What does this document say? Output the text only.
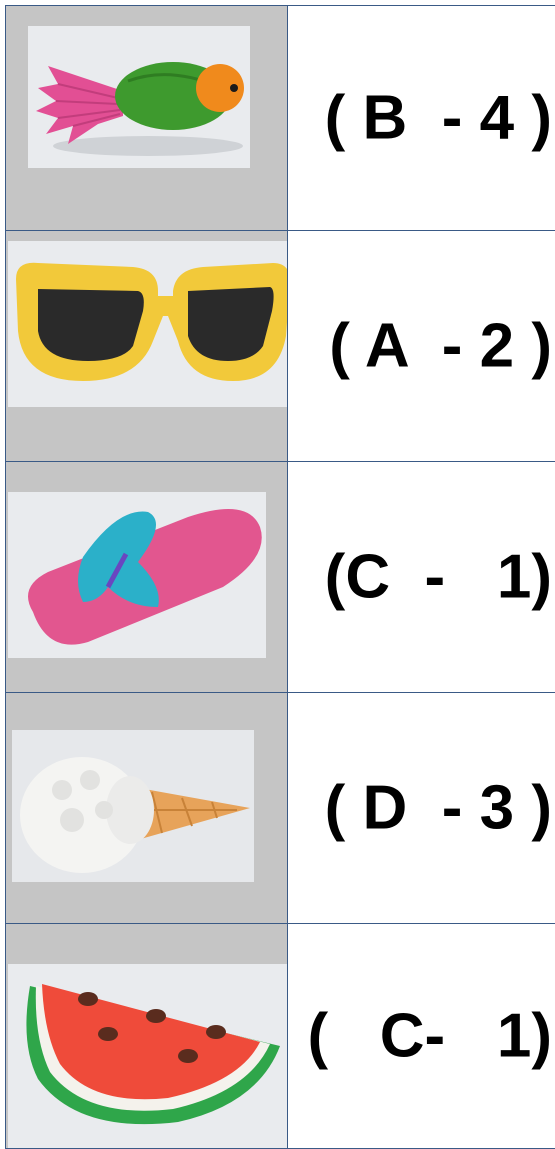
( B  - 4 )

( A  - 2 )

(C  -   1)

( D  - 3 )

(   C-   1)
